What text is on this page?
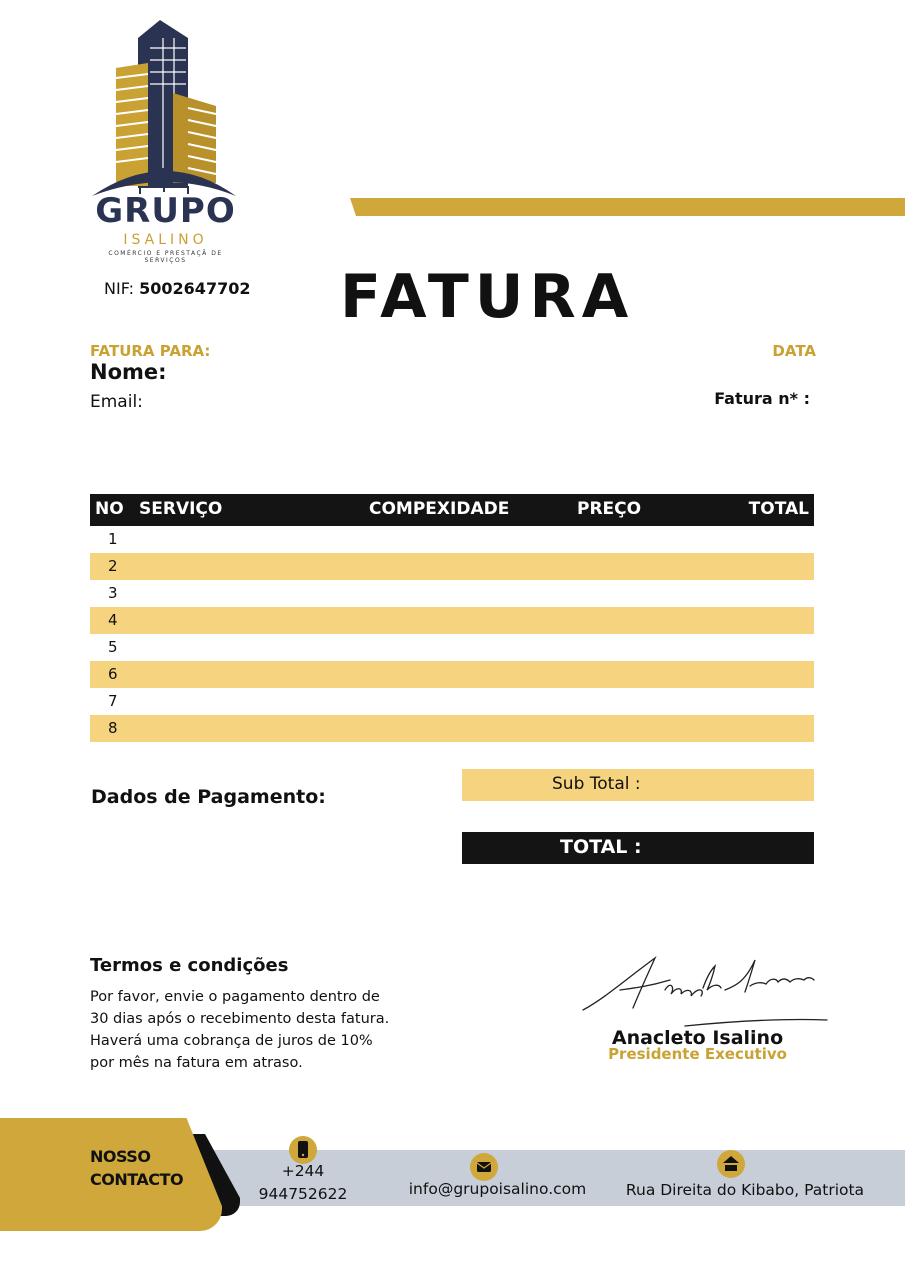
GRUPO
ISALINO
COMÉRCIO E PRESTAÇÃ DE SERVIÇOS
NIF: 5002647702 FATURA
FATURA PARA:	DATA
Nome:
Email:	Fatura n* :
NO SERVIÇO	COMPEXIDADE	PREÇO	TOTAL
1
2
3
4
5
6
7
8
Dados de Pagamento:
Sub Total :
TOTAL :
Termos e condições
Por favor, envie o pagamento dentro de 30 dias após o recebimento desta fatura. Haverá uma cobrança de juros de 10% por mês na fatura em atraso.
Anacleto Isalino
Presidente Executivo
NOSSO
CONTACTO	+244
944752622	info@grupoisalino.com	Rua Direita do Kibabo, Patriota
